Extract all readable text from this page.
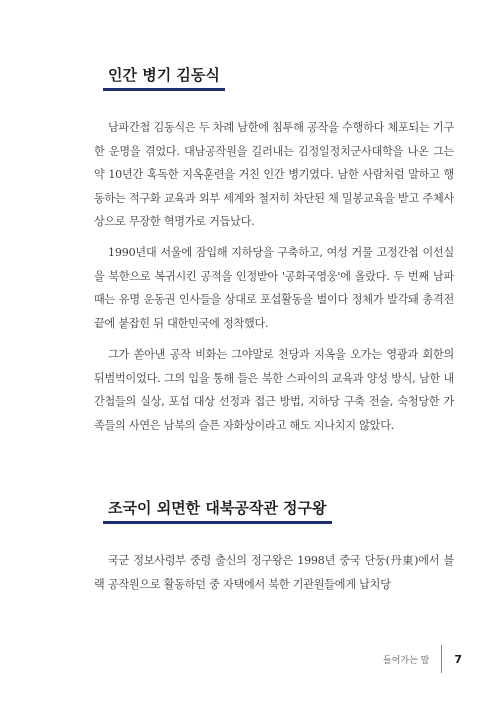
인간 병기 김동식

남파간첩 김동식은 두 차례 남한에 침투해 공작을 수행하다 체포되는 기구한 운명을 겪었다. 대남공작원을 길러내는 김정일정치군사대학을 나온 그는 약 10년간 혹독한 지옥훈련을 거친 인간 병기였다. 남한 사람처럼 말하고 행동하는 적구화 교육과 외부 세계와 철저히 차단된 채 밀봉교육을 받고 주체사상으로 무장한 혁명가로 거듭났다.

1990년대 서울에 잠입해 지하당을 구축하고, 여성 거물 고정간첩 이선실을 북한으로 복귀시킨 공적을 인정받아 '공화국영웅'에 올랐다. 두 번째 남파 때는 유명 운동권 인사들을 상대로 포섭활동을 벌이다 정체가 발각돼 총격전 끝에 붙잡힌 뒤 대한민국에 정착했다.

그가 쏟아낸 공작 비화는 그야말로 천당과 지옥을 오가는 영광과 회한의 뒤범벅이었다. 그의 입을 통해 들은 북한 스파이의 교육과 양성 방식, 남한 내 간첩들의 실상, 포섭 대상 선정과 접근 방법, 지하당 구축 전술, 숙청당한 가족들의 사연은 남북의 슬픈 자화상이라고 해도 지나치지 않았다.

조국이 외면한 대북공작관 정구왕

국군 정보사령부 중령 출신의 정구왕은 1998년 중국 단둥(丹東)에서 블랙 공작원으로 활동하던 중 자택에서 북한 기관원들에게 납치당

들어가는 말 7
